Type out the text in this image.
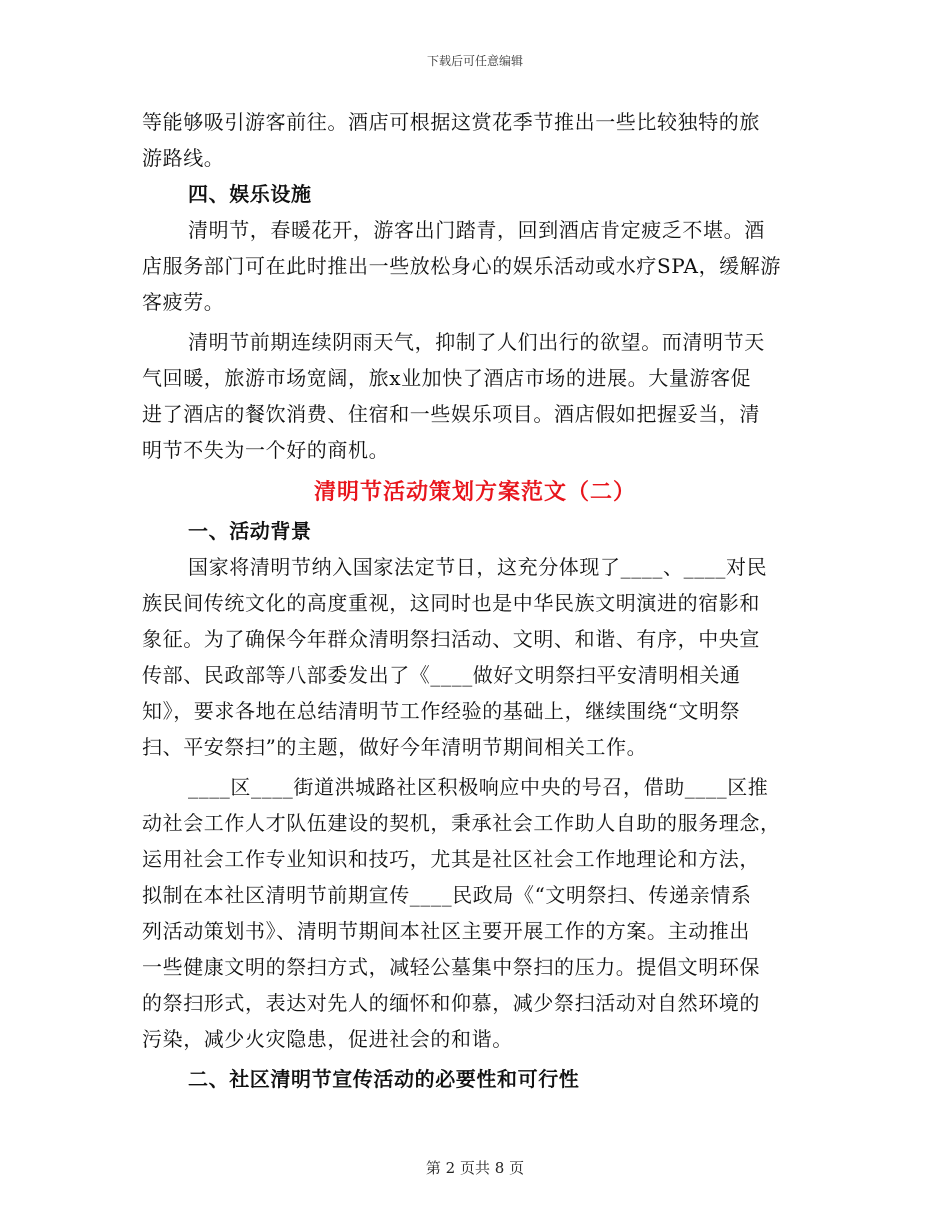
下载后可任意编辑
等能够吸引游客前往。酒店可根据这赏花季节推出一些比较独特的旅
游路线。
四、娱乐设施
清明节，春暖花开，游客出门踏青，回到酒店肯定疲乏不堪。酒
店服务部门可在此时推出一些放松身心的娱乐活动或水疗SPA，缓解游
客疲劳。
清明节前期连续阴雨天气，抑制了人们出行的欲望。而清明节天
气回暖，旅游市场宽阔，旅x业加快了酒店市场的进展。大量游客促
进了酒店的餐饮消费、住宿和一些娱乐项目。酒店假如把握妥当，清
明节不失为一个好的商机。
清明节活动策划方案范文（二）
一、活动背景
国家将清明节纳入国家法定节日，这充分体现了____、____对民
族民间传统文化的高度重视，这同时也是中华民族文明演进的宿影和
象征。为了确保今年群众清明祭扫活动、文明、和谐、有序，中央宣
传部、民政部等八部委发出了《____做好文明祭扫平安清明相关通
知》，要求各地在总结清明节工作经验的基础上，继续围绕“文明祭
扫、平安祭扫”的主题，做好今年清明节期间相关工作。
____区____街道洪城路社区积极响应中央的号召，借助____区推
动社会工作人才队伍建设的契机，秉承社会工作助人自助的服务理念，
运用社会工作专业知识和技巧，尤其是社区社会工作地理论和方法，
拟制在本社区清明节前期宣传____民政局《“文明祭扫、传递亲情系
列活动策划书》、清明节期间本社区主要开展工作的方案。主动推出
一些健康文明的祭扫方式，减轻公墓集中祭扫的压力。提倡文明环保
的祭扫形式，表达对先人的缅怀和仰慕，减少祭扫活动对自然环境的
污染，减少火灾隐患，促进社会的和谐。
二、社区清明节宣传活动的必要性和可行性
第 2 页共 8 页
